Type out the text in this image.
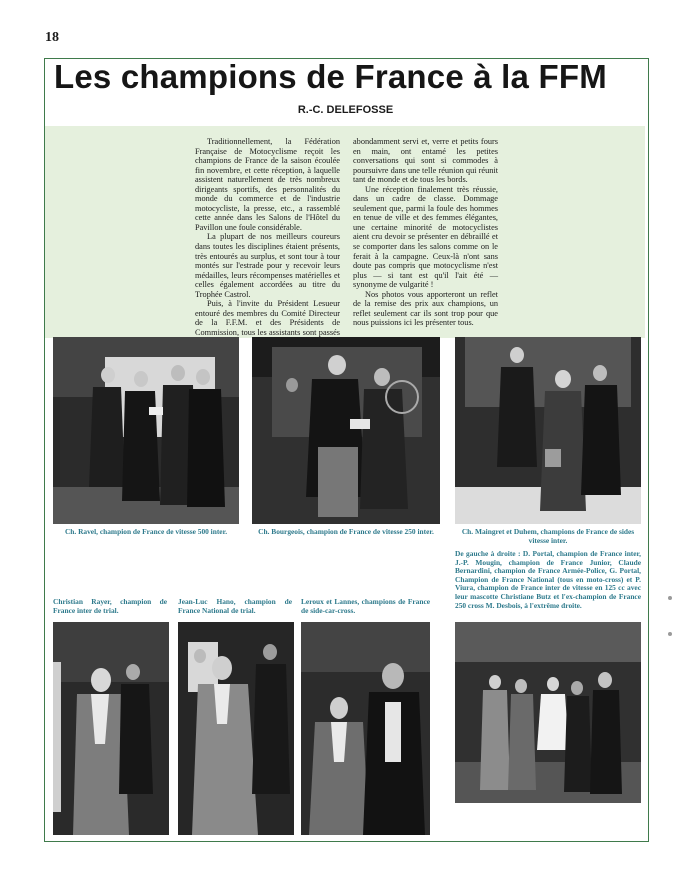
18
Les champions de France à la FFM
R.-C. DELEFOSSE

Traditionnellement, la Fédération Française de Motocyclisme reçoit les champions de France de la saison écoulée fin novembre, et cette réception, à laquelle assistent naturellement de très nombreux dirigeants sportifs, des personnalités du monde du commerce et de l'industrie motocycliste, la presse, etc., a rassemblé cette année dans les Salons de l'Hôtel du Pavillon une foule considérable.

La plupart de nos meilleurs coureurs dans toutes les disciplines étaient présents, très entourés au surplus, et sont tour à tour montés sur l'estrade pour y recevoir leurs médailles, leurs récompenses matérielles et celles également accordées au titre du Trophée Castrol.

Puis, à l'invite du Président Lesueur entouré des membres du Comité Directeur de la F.F.M. et des Présidents de Commission, tous les assistants sont passés

abondamment servi et, verre et petits fours en main, ont entamé les petites conversations qui sont si commodes à poursuivre dans une telle réunion qui réunit tant de monde et de tous les bords.

Une réception finalement très réussie, dans un cadre de classe. Dommage seulement que, parmi la foule des hommes en tenue de ville et des femmes élégantes, une certaine minorité de motocyclistes aient cru devoir se présenter en débraillé et se comporter dans les salons comme on le ferait à la campagne. Ceux-là n'ont sans doute pas compris que motocyclisme n'est plus — si tant est qu'il l'ait été — synonyme de vulgarité !

Nos photos vous apporteront un reflet de la remise des prix aux champions, un reflet seulement car ils sont trop pour que nous puissions ici les présenter tous.

Ch. Ravel, champion de France de vitesse 500 inter.	Ch. Bourgeois, champion de France de vitesse 250 inter.	Ch. Maingret et Duhem, champions de France de sides vitesse inter.
De gauche à droite : D. Portal, champion de France inter, J.-P. Mougin, champion de France Junior, Claude Bernardini, champion de France Armée-Police, G. Portal, Champion de France National (tous en moto-cross) et P. Viura, champion de France inter de vitesse en 125 cc avec leur mascotte Christiane Butz et l'ex-champion de France 250 cross M. Desbois, à l'extrême droite.
Christian Rayer, champion de France inter de trial.
Jean-Luc Hano, champion de France National de trial.
Leroux et Lannes, champions de France de side-car-cross.
